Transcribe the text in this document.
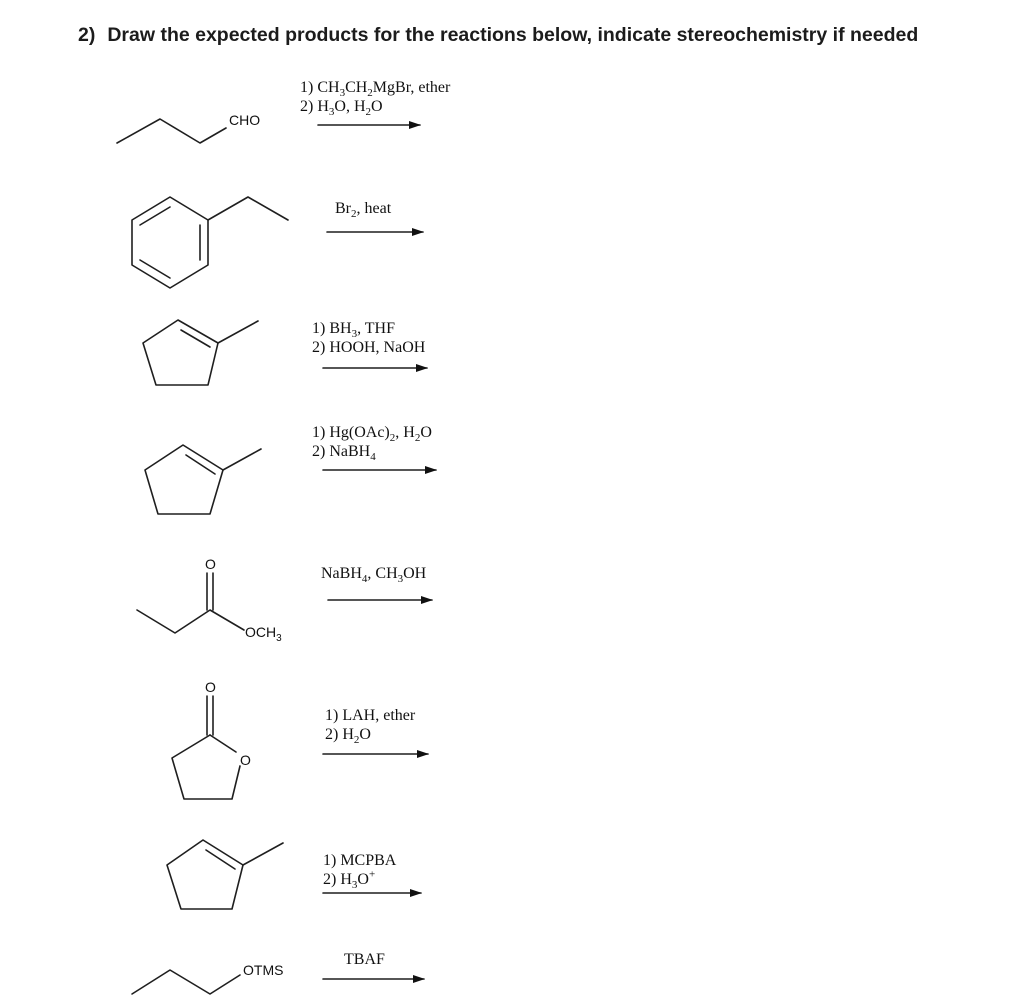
2) Draw the expected products for the reactions below, indicate stereochemistry if needed
CHO
O
$OCH_3$
O
O
OTMS
1) $CH_3CH_2MgBr$, ether
2) $H_3O$, $H_2O$
$Br_2$, heat
1) $BH_3$, THF
2) HOOH, NaOH
1) $Hg(OAc)_2$, $H_2O$
2) NaBH$_4$
NaBH$_4$, $CH_3OH$
1) LAH, ether
2) $H_2O$
1) MCPBA
2) $H_3O^+$
TBAF
